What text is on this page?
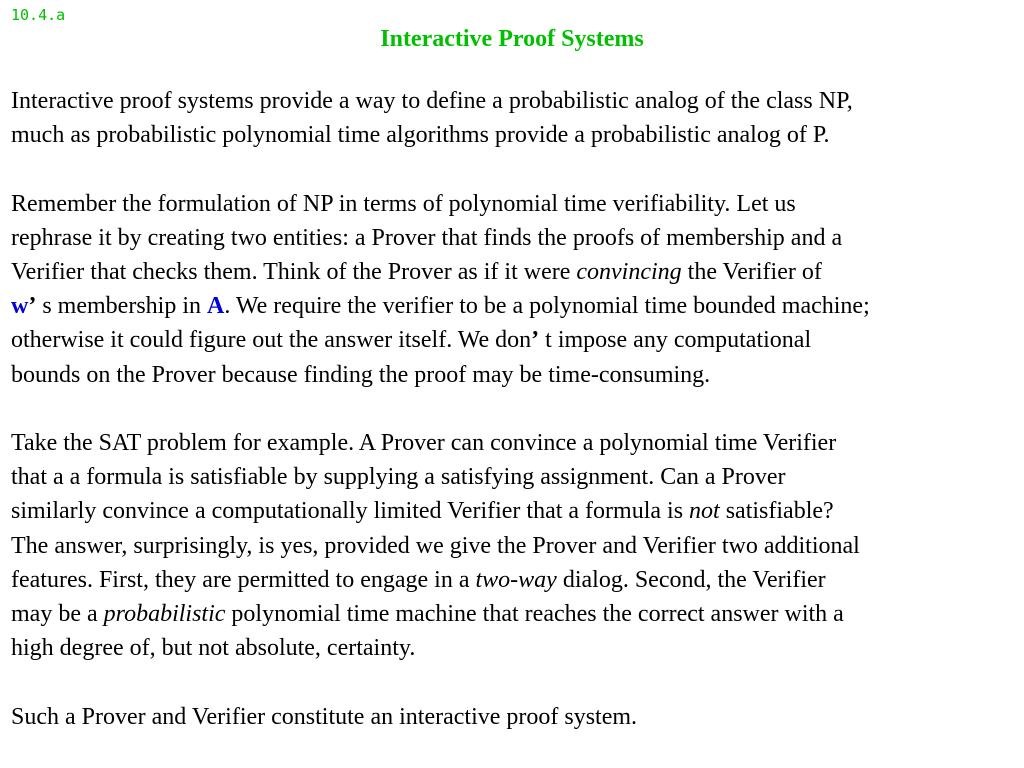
10.4.a
Interactive Proof Systems
Interactive proof systems provide a way to define a probabilistic analog of the class NP,
much as probabilistic polynomial time algorithms provide a probabilistic analog of P.
Remember the formulation of NP in terms of polynomial time verifiability. Let us
rephrase it by creating two entities: a Prover that finds the proofs of membership and a
Verifier that checks them. Think of the Prover as if it were convincing the Verifier of
w’ s membership in A. We require the verifier to be a polynomial time bounded machine;
otherwise it could figure out the answer itself. We don’ t impose any computational
bounds on the Prover because finding the proof may be time-consuming.
Take the SAT problem for example. A Prover can convince a polynomial time Verifier
that a a formula is satisfiable by supplying a satisfying assignment. Can a Prover
similarly convince a computationally limited Verifier that a formula is not satisfiable?
The answer, surprisingly, is yes, provided we give the Prover and Verifier two additional
features. First, they are permitted to engage in a two-way dialog. Second, the Verifier
may be a probabilistic polynomial time machine that reaches the correct answer with a
high degree of, but not absolute, certainty.
Such a Prover and Verifier constitute an interactive proof system.
